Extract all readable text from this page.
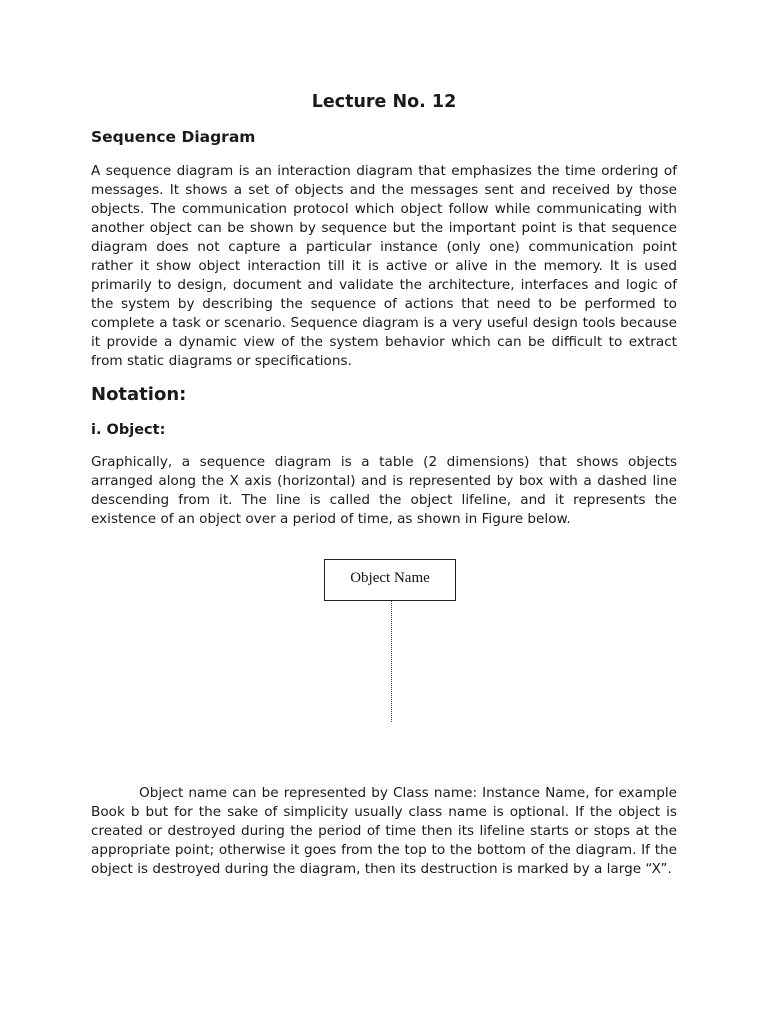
Lecture No. 12
Sequence Diagram

A sequence diagram is an interaction diagram that emphasizes the time ordering of messages. It shows a set of objects and the messages sent and received by those objects. The communication protocol which object follow while communicating with another object can be shown by sequence but the important point is that sequence diagram does not capture a particular instance (only one) communication point rather it show object interaction till it is active or alive in the memory. It is used primarily to design, document and validate the architecture, interfaces and logic of the system by describing the sequence of actions that need to be performed to complete a task or scenario. Sequence diagram is a very useful design tools because it provide a dynamic view of the system behavior which can be difficult to extract from static diagrams or specifications.

Notation:
i. Object:

Graphically, a sequence diagram is a table (2 dimensions) that shows objects arranged along the X axis (horizontal) and is represented by box with a dashed line descending from it. The line is called the object lifeline, and it represents the existence of an object over a period of time, as shown in Figure below.

Object name can be represented by Class name: Instance Name, for example Book b but for the sake of simplicity usually class name is optional. If the object is created or destroyed during the period of time then its lifeline starts or stops at the appropriate point; otherwise it goes from the top to the bottom of the diagram. If the object is destroyed during the diagram, then its destruction is marked by a large “X”.

Object Name
